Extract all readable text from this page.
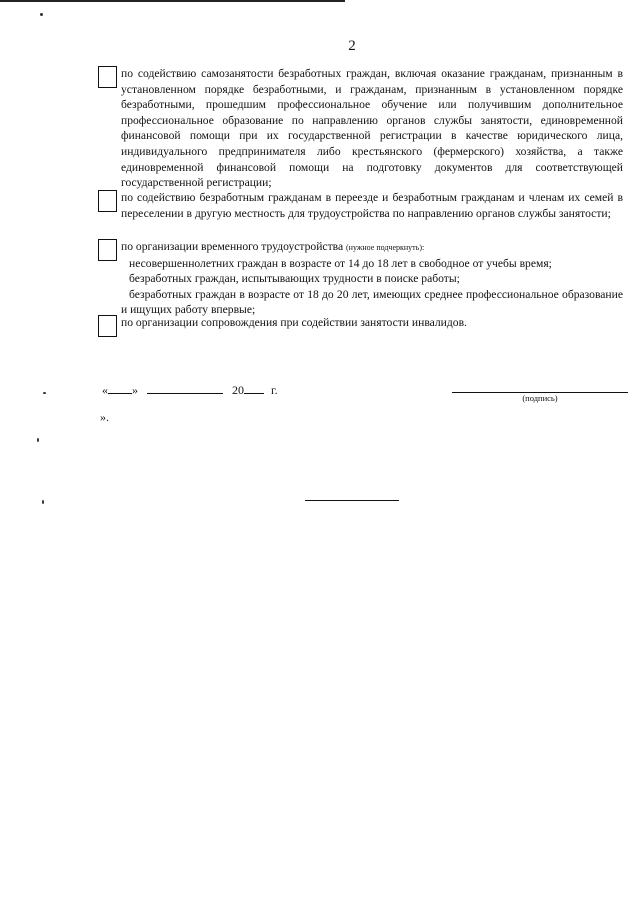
2
по содействию самозанятости безработных граждан, включая оказание гражданам, признанным в установленном порядке безработными, и гражданам, признанным в установленном порядке безработными, прошедшим профессиональное обучение или получившим дополнительное профессиональное образование по направлению органов службы занятости, единовременной финансовой помощи при их государственной регистрации в качестве юридического лица, индивидуального предпринимателя либо крестьянского (фермерского) хозяйства, а также единовременной финансовой помощи на подготовку документов для соответствующей государственной регистрации;
по содействию безработным гражданам в переезде и безработным гражданам и членам их семей в переселении в другую местность для трудоустройства по направлению органов службы занятости;
по организации временного трудоустройства (нужное подчеркнуть):
несовершеннолетних граждан в возрасте от 14 до 18 лет в свободное от учебы время;
безработных граждан, испытывающих трудности в поиске работы;
безработных граждан в возрасте от 18 до 20 лет, имеющих среднее профессиональное образование и ищущих работу впервые;
по организации сопровождения при содействии занятости инвалидов.
« »	20 г.
(подпись)
».
